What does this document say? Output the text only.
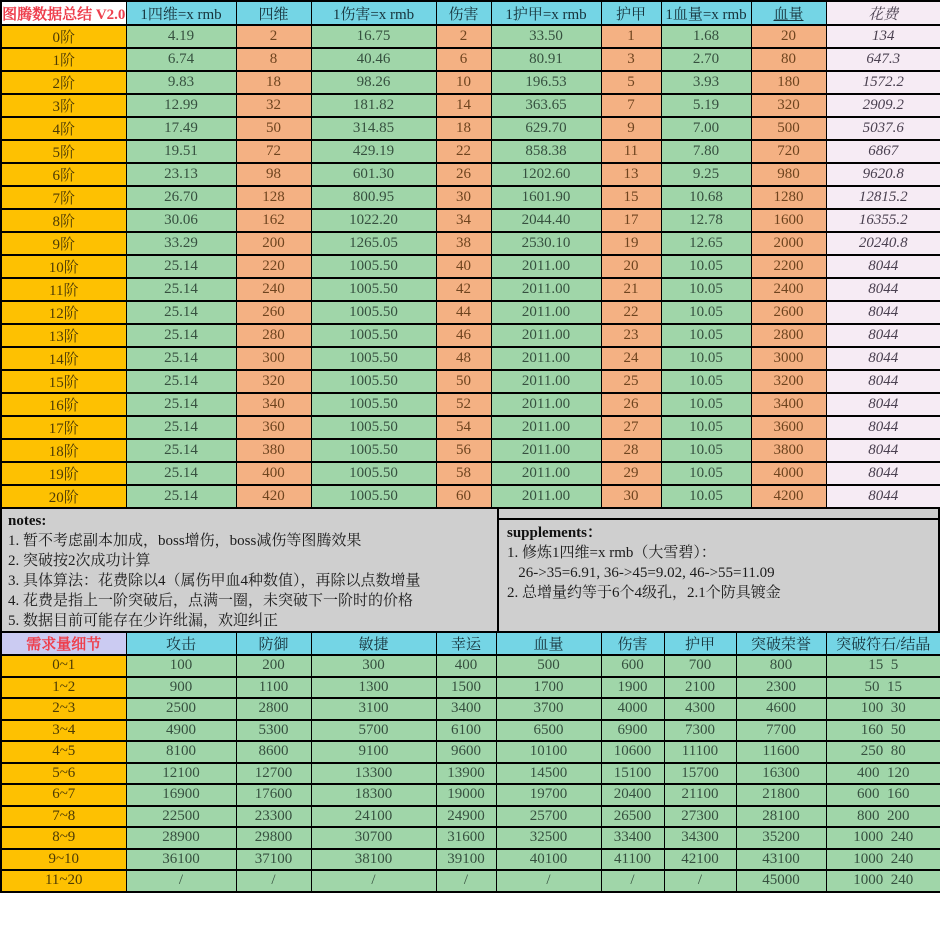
图腾数据总结 V2.0	1四维=x rmb	四维	1伤害=x rmb	伤害	1护甲=x rmb	护甲	1血量=x rmb	血量	花费
0阶	4.19	2	16.75	2	33.50	1	1.68	20	134
1阶	6.74	8	40.46	6	80.91	3	2.70	80	647.3
2阶	9.83	18	98.26	10	196.53	5	3.93	180	1572.2
3阶	12.99	32	181.82	14	363.65	7	5.19	320	2909.2
4阶	17.49	50	314.85	18	629.70	9	7.00	500	5037.6
5阶	19.51	72	429.19	22	858.38	11	7.80	720	6867
6阶	23.13	98	601.30	26	1202.60	13	9.25	980	9620.8
7阶	26.70	128	800.95	30	1601.90	15	10.68	1280	12815.2
8阶	30.06	162	1022.20	34	2044.40	17	12.78	1600	16355.2
9阶	33.29	200	1265.05	38	2530.10	19	12.65	2000	20240.8
10阶	25.14	220	1005.50	40	2011.00	20	10.05	2200	8044
11阶	25.14	240	1005.50	42	2011.00	21	10.05	2400	8044
12阶	25.14	260	1005.50	44	2011.00	22	10.05	2600	8044
13阶	25.14	280	1005.50	46	2011.00	23	10.05	2800	8044
14阶	25.14	300	1005.50	48	2011.00	24	10.05	3000	8044
15阶	25.14	320	1005.50	50	2011.00	25	10.05	3200	8044
16阶	25.14	340	1005.50	52	2011.00	26	10.05	3400	8044
17阶	25.14	360	1005.50	54	2011.00	27	10.05	3600	8044
18阶	25.14	380	1005.50	56	2011.00	28	10.05	3800	8044
19阶	25.14	400	1005.50	58	2011.00	29	10.05	4000	8044
20阶	25.14	420	1005.50	60	2011.00	30	10.05	4200	8044
notes:
1. 暂不考虑副本加成，boss增伤，boss减伤等图腾效果
2. 突破按2次成功计算
3. 具体算法：花费除以4（属伤甲血4种数值），再除以点数增量
4. 花费是指上一阶突破后，点满一圈，未突破下一阶时的价格
5. 数据目前可能存在少许纰漏，欢迎纠正
supplements：
1. 修炼1四维=x rmb（大雪碧）：
26->35=6.91, 36->45=9.02, 46->55=11.09
2. 总增量约等于6个4级孔，2.1个防具镀金
需求量细节	攻击	防御	敏捷	幸运	血量	伤害	护甲	突破荣誉	突破符石/结晶
0~1	100	200	300	400	500	600	700	800	15  5
1~2	900	1100	1300	1500	1700	1900	2100	2300	50  15
2~3	2500	2800	3100	3400	3700	4000	4300	4600	100  30
3~4	4900	5300	5700	6100	6500	6900	7300	7700	160  50
4~5	8100	8600	9100	9600	10100	10600	11100	11600	250  80
5~6	12100	12700	13300	13900	14500	15100	15700	16300	400  120
6~7	16900	17600	18300	19000	19700	20400	21100	21800	600  160
7~8	22500	23300	24100	24900	25700	26500	27300	28100	800  200
8~9	28900	29800	30700	31600	32500	33400	34300	35200	1000  240
9~10	36100	37100	38100	39100	40100	41100	42100	43100	1000  240
11~20	/	/	/	/	/	/	/	45000	1000  240
